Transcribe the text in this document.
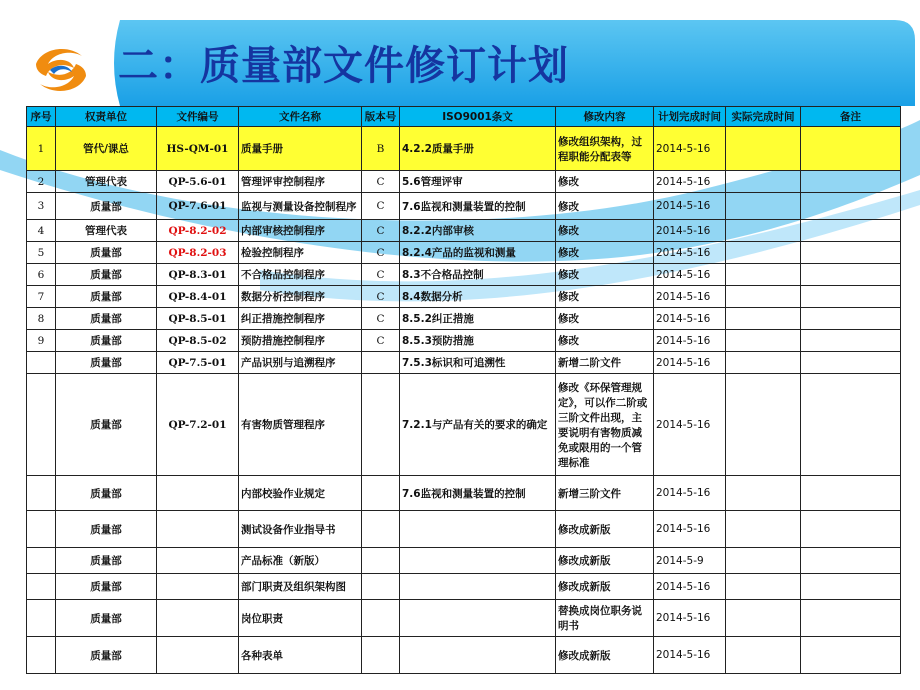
二：质量部文件修订计划
序号	权责单位	文件编号	文件名称	版本号	ISO9001条文	修改内容	计划完成时间	实际完成时间	备注
1	管代/课总	HS-QM-01	质量手册	B	4.2.2质量手册	修改组织架构，过程职能分配表等	2014-5-16		
2	管理代表	QP-5.6-01	管理评审控制程序	C	5.6管理评审	修改	2014-5-16		
3	质量部	QP-7.6-01	监视与测量设备控制程序	C	7.6监视和测量装置的控制	修改	2014-5-16		
4	管理代表	QP-8.2-02	内部审核控制程序	C	8.2.2内部审核	修改	2014-5-16		
5	质量部	QP-8.2-03	检验控制程序	C	8.2.4产品的监视和测量	修改	2014-5-16		
6	质量部	QP-8.3-01	不合格品控制程序	C	8.3不合格品控制	修改	2014-5-16		
7	质量部	QP-8.4-01	数据分析控制程序	C	8.4数据分析	修改	2014-5-16		
8	质量部	QP-8.5-01	纠正措施控制程序	C	8.5.2纠正措施	修改	2014-5-16		
9	质量部	QP-8.5-02	预防措施控制程序	C	8.5.3预防措施	修改	2014-5-16		
	质量部	QP-7.5-01	产品识别与追溯程序		7.5.3标识和可追溯性	新增二阶文件	2014-5-16		
	质量部	QP-7.2-01	有害物质管理程序		7.2.1与产品有关的要求的确定	修改《环保管理规定》，可以作二阶或三阶文件出现，主要说明有害物质减免或限用的一个管理标准	2014-5-16		
	质量部		内部校验作业规定		7.6监视和测量装置的控制	新增三阶文件	2014-5-16		
	质量部		测试设备作业指导书			修改成新版	2014-5-16		
	质量部		产品标准（新版）			修改成新版	2014-5-9		
	质量部		部门职责及组织架构图			修改成新版	2014-5-16		
	质量部		岗位职责			替换成岗位职务说明书	2014-5-16		
	质量部		各种表单			修改成新版	2014-5-16		
